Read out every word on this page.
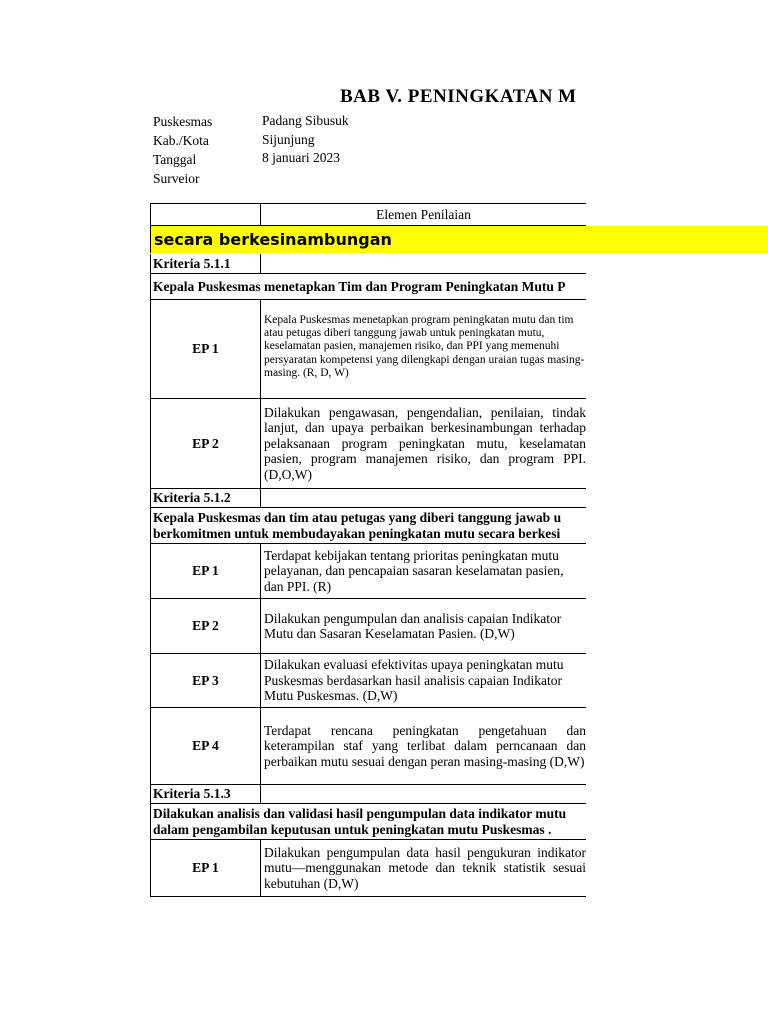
BAB V. PENINGKATAN M
Puskesmas
Kab./Kota
Tanggal
Surveior
Padang Sibusuk
Sijunjung
8 januari 2023
Elemen Penilaian
Kriteria 5.1.1
Kepala Puskesmas menetapkan Tim dan Program Peningkatan Mutu P
EP 1
Kepala Puskesmas menetapkan program peningkatan mutu dan tim atau petugas diberi tanggung jawab untuk peningkatan mutu, keselamatan pasien, manajemen risiko, dan PPI yang memenuhi persyaratan kompetensi yang dilengkapi dengan uraian tugas masing-masing. (R, D, W)
EP 2
Dilakukan pengawasan, pengendalian, penilaian, tindak lanjut, dan upaya perbaikan berkesinambungan terhadap pelaksanaan program peningkatan mutu, keselamatan pasien, program manajemen risiko, dan program PPI. (D,O,W)
Kriteria 5.1.2
Kepala Puskesmas dan tim atau petugas yang diberi tanggung jawab u
berkomitmen untuk membudayakan peningkatan mutu secara berkesi
EP 1
Terdapat kebijakan tentang prioritas peningkatan mutu pelayanan, dan pencapaian sasaran keselamatan pasien, dan PPI. (R)
EP 2	Dilakukan pengumpulan dan analisis capaian Indikator Mutu dan Sasaran Keselamatan Pasien. (D,W)
EP 3
Dilakukan evaluasi efektivitas upaya peningkatan mutu Puskesmas berdasarkan hasil analisis capaian Indikator Mutu Puskesmas. (D,W)
EP 4
Terdapat rencana peningkatan pengetahuan dan keterampilan staf yang terlibat dalam perncanaan dan perbaikan mutu sesuai dengan peran masing-masing (D,W)
Kriteria 5.1.3
Dilakukan analisis dan validasi hasil pengumpulan data indikator mutu
dalam pengambilan keputusan untuk peningkatan mutu Puskesmas .
EP 1
Dilakukan pengumpulan data hasil pengukuran indikator mutu—menggunakan metode dan teknik statistik sesuai kebutuhan (D,W)
secara berkesinambungan
